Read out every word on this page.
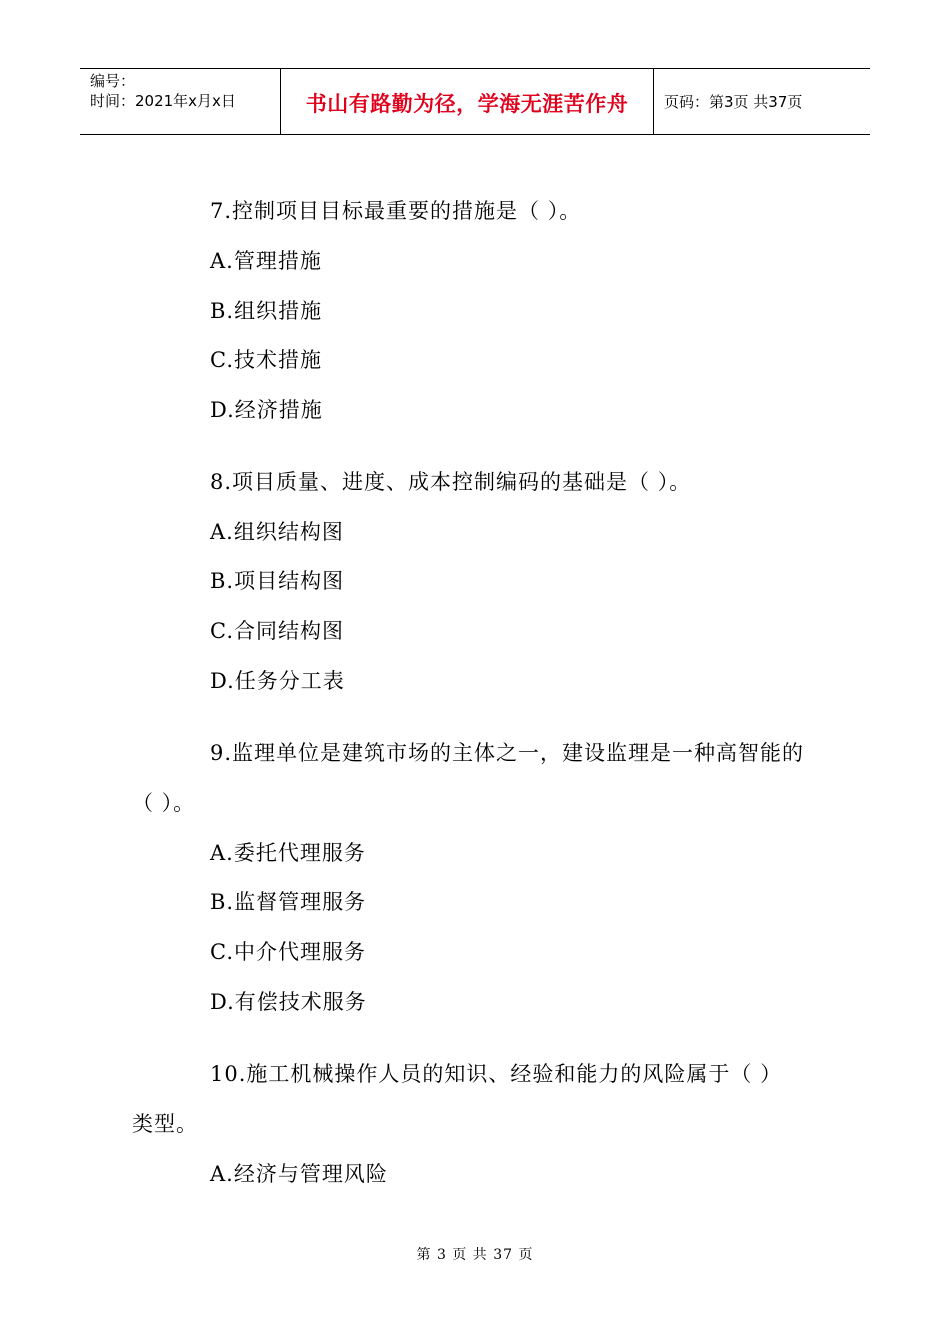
编号：
时间：2021年x月x日	书山有路勤为径，学海无涯苦作舟 页码：第3页 共37页
7.控制项目目标最重要的措施是（ ）。
A.管理措施
B.组织措施
C.技术措施
D.经济措施
8.项目质量、进度、成本控制编码的基础是（ ）。
A.组织结构图
B.项目结构图
C.合同结构图
D.任务分工表
9.监理单位是建筑市场的主体之一，建设监理是一种高智能的
（ ）。
A.委托代理服务
B.监督管理服务
C.中介代理服务
D.有偿技术服务
10.施工机械操作人员的知识、经验和能力的风险属于（ ）
类型。
A.经济与管理风险
第 3 页 共 37 页
